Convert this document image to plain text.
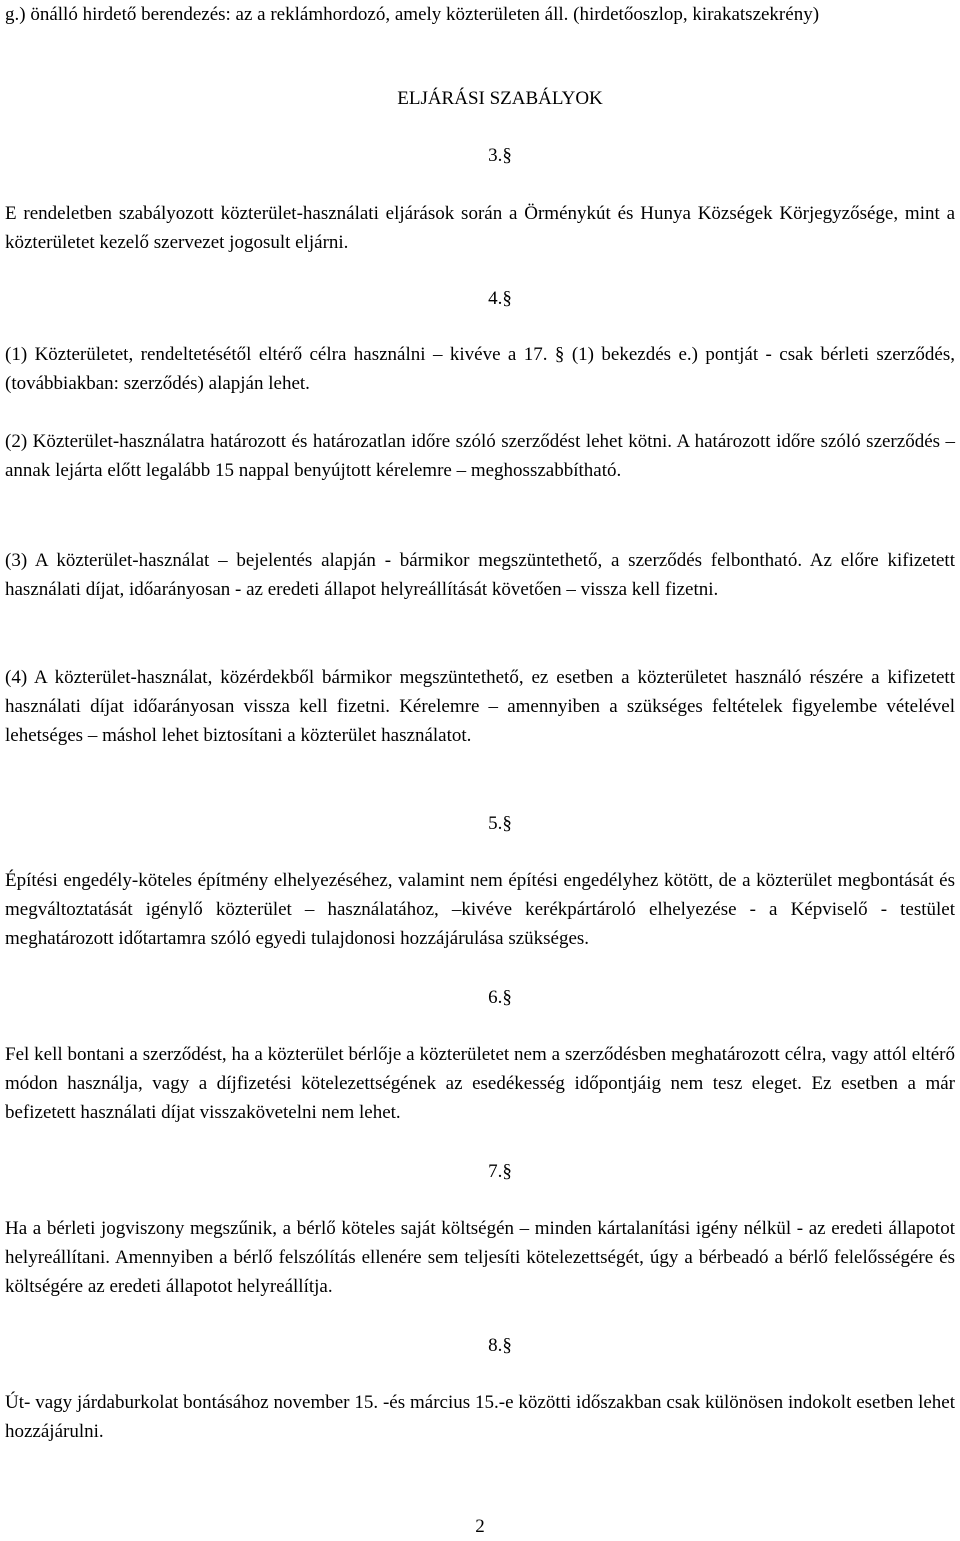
g.) önálló hirdető berendezés: az a reklámhordozó, amely közterületen áll. (hirdetőoszlop, kirakatszekrény)

ELJÁRÁSI SZABÁLYOK
3.§

E rendeletben szabályozott közterület-használati eljárások során a Örménykút és Hunya Községek Körjegyzősége, mint a közterületet kezelő szervezet jogosult eljárni.

4.§

(1) Közterületet, rendeltetésétől eltérő célra használni – kivéve a 17. § (1) bekezdés e.) pontját - csak bérleti szerződés, (továbbiakban: szerződés) alapján lehet.

(2) Közterület-használatra határozott és határozatlan időre szóló szerződést lehet kötni. A határozott időre szóló szerződés – annak lejárta előtt legalább 15 nappal benyújtott kérelemre – meghosszabbítható.

(3) A közterület-használat – bejelentés alapján - bármikor megszüntethető, a szerződés felbontható. Az előre kifizetett használati díjat, időarányosan - az eredeti állapot helyreállítását követően – vissza kell fizetni.

(4) A közterület-használat, közérdekből bármikor megszüntethető, ez esetben a közterületet használó részére a kifizetett használati díjat időarányosan vissza kell fizetni. Kérelemre – amennyiben a szükséges feltételek figyelembe vételével lehetséges – máshol lehet biztosítani a közterület használatot.

5.§

Építési engedély-köteles építmény elhelyezéséhez, valamint nem építési engedélyhez kötött, de a közterület megbontását és megváltoztatását igénylő közterület – használatához, –kivéve kerékpártároló elhelyezése - a Képviselő - testület meghatározott időtartamra szóló egyedi tulajdonosi hozzájárulása szükséges.

6.§

Fel kell bontani a szerződést, ha a közterület bérlője a közterületet nem a szerződésben meghatározott célra, vagy attól eltérő módon használja, vagy a díjfizetési kötelezettségének az esedékesség időpontjáig nem tesz eleget. Ez esetben a már befizetett használati díjat visszakövetelni nem lehet.

7.§

Ha a bérleti jogviszony megszűnik, a bérlő köteles saját költségén – minden kártalanítási igény nélkül - az eredeti állapotot helyreállítani. Amennyiben a bérlő felszólítás ellenére sem teljesíti kötelezettségét, úgy a bérbeadó a bérlő felelősségére és költségére az eredeti állapotot helyreállítja.

8.§

Út- vagy járdaburkolat bontásához november 15. -és március 15.-e közötti időszakban csak különösen indokolt esetben lehet hozzájárulni.

2
